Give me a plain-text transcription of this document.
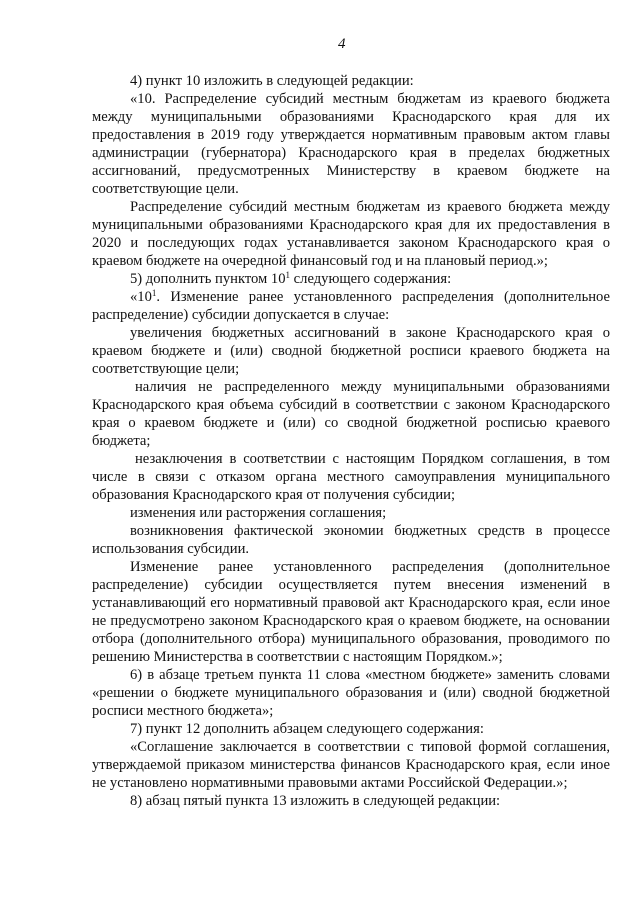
4

4) пункт 10 изложить в следующей редакции:

«10. Распределение субсидий местным бюджетам из краевого бюджета между муниципальными образованиями Краснодарского края для их предоставления в 2019 году утверждается нормативным правовым актом главы администрации (губернатора) Краснодарского края в пределах бюджетных ассигнований, предусмотренных Министерству в краевом бюджете на соответствующие цели.

Распределение субсидий местным бюджетам из краевого бюджета между муниципальными образованиями Краснодарского края для их предоставления в 2020 и последующих годах устанавливается законом Краснодарского края о краевом бюджете на очередной финансовый год и на плановый период.»;

5) дополнить пунктом $10^1$ следующего содержания:

«$10^1$. Изменение ранее установленного распределения (дополнительное распределение) субсидии допускается в случае:

увеличения бюджетных ассигнований в законе Краснодарского края о краевом бюджете и (или) сводной бюджетной росписи краевого бюджета на соответствующие цели;

наличия не распределенного между муниципальными образованиями Краснодарского края объема субсидий в соответствии с законом Краснодарского края о краевом бюджете и (или) со сводной бюджетной росписью краевого бюджета;

незаключения в соответствии с настоящим Порядком соглашения, в том числе в связи с отказом органа местного самоуправления муниципального образования Краснодарского края от получения субсидии;

изменения или расторжения соглашения;

возникновения фактической экономии бюджетных средств в процессе использования субсидии.

Изменение ранее установленного распределения (дополнительное распределение) субсидии осуществляется путем внесения изменений в устанавливающий его нормативный правовой акт Краснодарского края, если иное не предусмотрено законом Краснодарского края о краевом бюджете, на основании отбора (дополнительного отбора) муниципального образования, проводимого по решению Министерства в соответствии с настоящим Порядком.»;

6) в абзаце третьем пункта 11 слова «местном бюджете» заменить словами «решении о бюджете муниципального образования и (или) сводной бюджетной росписи местного бюджета»;

7) пункт 12 дополнить абзацем следующего содержания:

«Соглашение заключается в соответствии с типовой формой соглашения, утверждаемой приказом министерства финансов Краснодарского края, если иное не установлено нормативными правовыми актами Российской Федерации.»;

8) абзац пятый пункта 13 изложить в следующей редакции:
